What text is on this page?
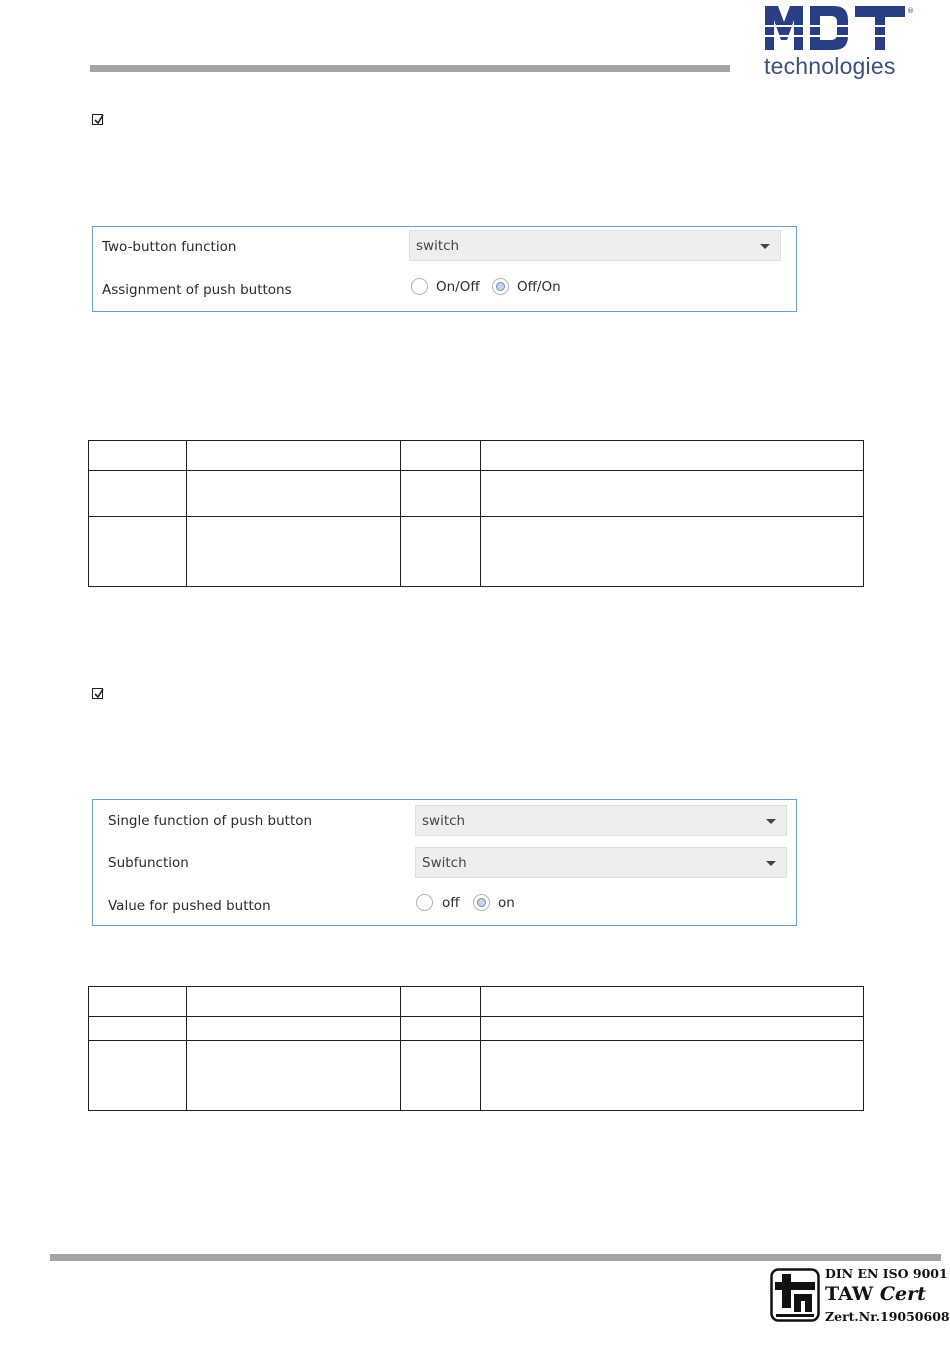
®
technologies
Two-button function	switch
Assignment of push buttons	On/Off	Off/On

Single function of push button	switch
Subfunction	Switch
Value for pushed button	off	on

DIN EN ISO 9001
TAW Cert
Zert.Nr.19050608
